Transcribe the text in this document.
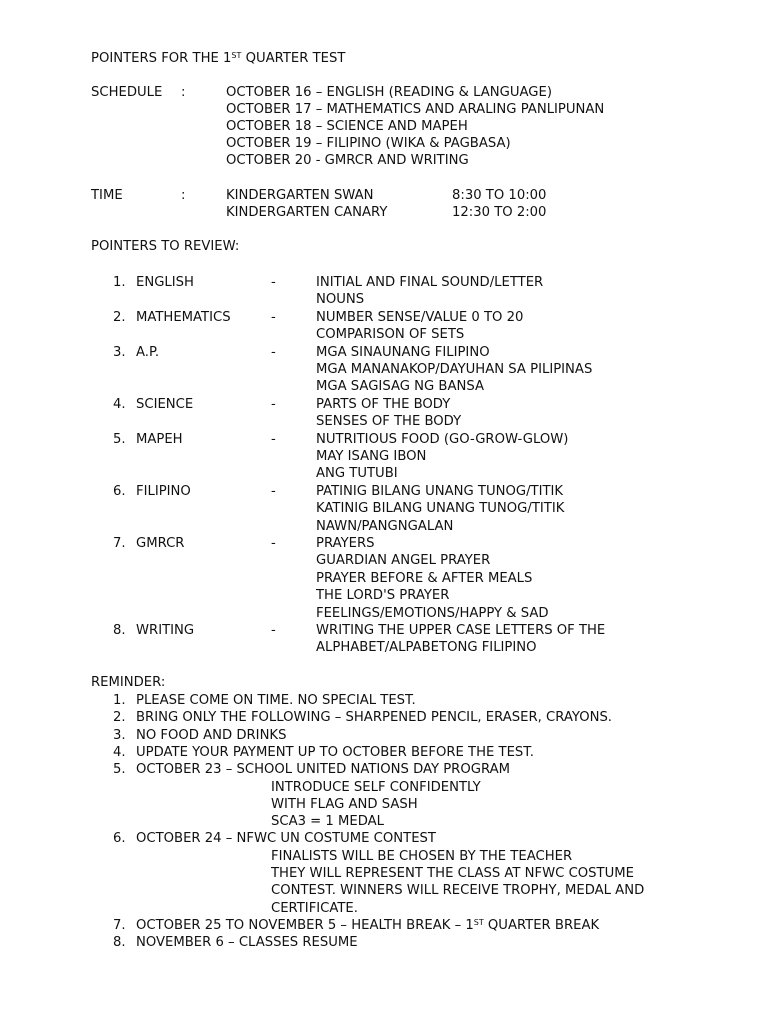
POINTERS FOR THE 1ST QUARTER TEST
SCHEDULE :	OCTOBER 16 – ENGLISH (READING & LANGUAGE)
OCTOBER 17 – MATHEMATICS AND ARALING PANLIPUNAN
OCTOBER 18 – SCIENCE AND MAPEH
OCTOBER 19 – FILIPINO (WIKA & PAGBASA)
OCTOBER 20 - GMRCR AND WRITING
TIME	:	KINDERGARTEN SWAN	8:30 TO 10:00
KINDERGARTEN CANARY	12:30 TO 2:00
POINTERS TO REVIEW:
1. ENGLISH	-	INITIAL AND FINAL SOUND/LETTER
NOUNS
2. MATHEMATICS	-	NUMBER SENSE/VALUE 0 TO 20
COMPARISON OF SETS
3. A.P.	-	MGA SINAUNANG FILIPINO
MGA MANANAKOP/DAYUHAN SA PILIPINAS
MGA SAGISAG NG BANSA
4. SCIENCE	-	PARTS OF THE BODY
SENSES OF THE BODY
5. MAPEH	-	NUTRITIOUS FOOD (GO-GROW-GLOW)
MAY ISANG IBON
ANG TUTUBI
6. FILIPINO	-	PATINIG BILANG UNANG TUNOG/TITIK
KATINIG BILANG UNANG TUNOG/TITIK
NAWN/PANGNGALAN
7. GMRCR	-	PRAYERS
GUARDIAN ANGEL PRAYER
PRAYER BEFORE & AFTER MEALS
THE LORD'S PRAYER
FEELINGS/EMOTIONS/HAPPY & SAD
8. WRITING	-	WRITING THE UPPER CASE LETTERS OF THE
ALPHABET/ALPABETONG FILIPINO
REMINDER:
1. PLEASE COME ON TIME. NO SPECIAL TEST.
2. BRING ONLY THE FOLLOWING – SHARPENED PENCIL, ERASER, CRAYONS.
3. NO FOOD AND DRINKS
4. UPDATE YOUR PAYMENT UP TO OCTOBER BEFORE THE TEST.
5. OCTOBER 23 – SCHOOL UNITED NATIONS DAY PROGRAM
INTRODUCE SELF CONFIDENTLY
WITH FLAG AND SASH
SCA3 = 1 MEDAL
6. OCTOBER 24 – NFWC UN COSTUME CONTEST
FINALISTS WILL BE CHOSEN BY THE TEACHER
THEY WILL REPRESENT THE CLASS AT NFWC COSTUME
CONTEST. WINNERS WILL RECEIVE TROPHY, MEDAL AND
CERTIFICATE.
7. OCTOBER 25 TO NOVEMBER 5 – HEALTH BREAK – 1ST QUARTER BREAK
8. NOVEMBER 6 – CLASSES RESUME
